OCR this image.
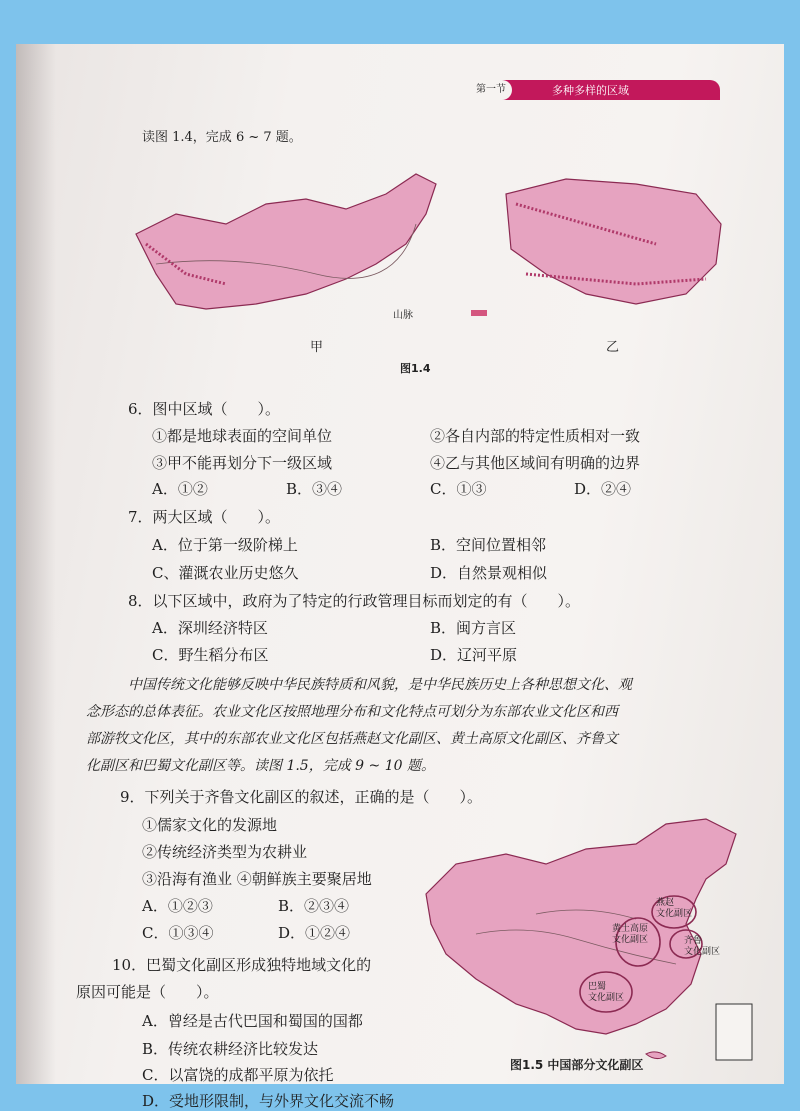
第一节	多种多样的区域
读图 1.4，完成 6 ~ 7 题。
山脉
甲	乙
图1.4
6．图中区域（　　）。
①都是地球表面的空间单位	②各自内部的特定性质相对一致
③甲不能再划分下一级区域	④乙与其他区域间有明确的边界
A．①②	B．③④	C．①③	D．②④
7．两大区域（　　）。
A．位于第一级阶梯上	B．空间位置相邻
C、灌溉农业历史悠久	D．自然景观相似
8．以下区域中，政府为了特定的行政管理目标而划定的有（　　）。
A．深圳经济特区	B．闽方言区
C．野生稻分布区	D．辽河平原
中国传统文化能够反映中华民族特质和风貌，是中华民族历史上各种思想文化、观
念形态的总体表征。农业文化区按照地理分布和文化特点可划分为东部农业文化区和西
部游牧文化区，其中的东部农业文化区包括燕赵文化副区、黄土高原文化副区、齐鲁文
化副区和巴蜀文化副区等。读图 1.5，完成 9 ~ 10 题。
9．下列关于齐鲁文化副区的叙述，正确的是（　　）。
①儒家文化的发源地
②传统经济类型为农耕业
③沿海有渔业 ④朝鲜族主要聚居地
A．①②③	B．②③④
C．①③④	D．①②④
10．巴蜀文化副区形成独特地域文化的
原因可能是（　　）。
A．曾经是古代巴国和蜀国的国都
B．传统农耕经济比较发达
C．以富饶的成都平原为依托
D．受地形限制，与外界文化交流不畅
燕赵
文化副区
黄土高原
文化副区	齐鲁
文化副区
巴蜀
文化副区
图1.5 中国部分文化副区
